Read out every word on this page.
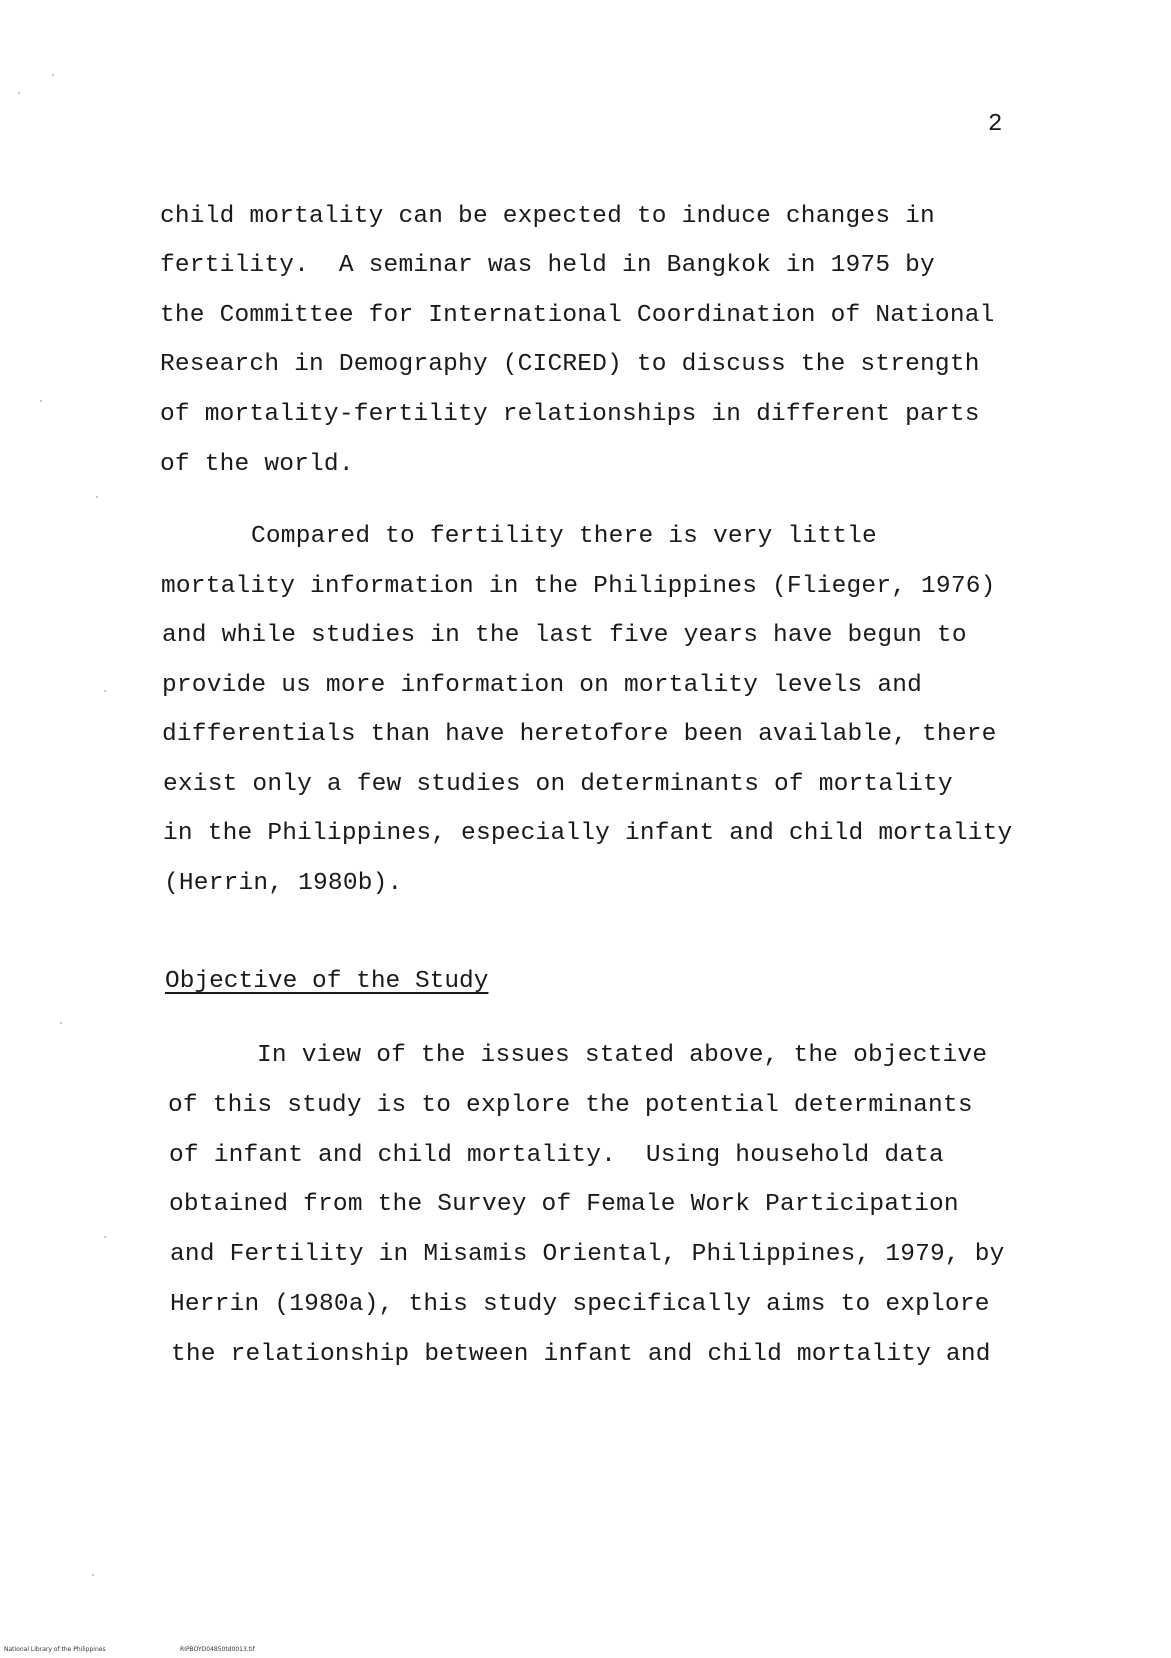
2
child mortality can be expected to induce changes in
fertility.  A seminar was held in Bangkok in 1975 by
the Committee for International Coordination of National
Research in Demography (CICRED) to discuss the strength
of mortality-fertility relationships in different parts
of the world.
Compared to fertility there is very little
mortality information in the Philippines (Flieger, 1976)
and while studies in the last five years have begun to
provide us more information on mortality levels and
differentials than have heretofore been available, there
exist only a few studies on determinants of mortality
in the Philippines, especially infant and child mortality
(Herrin, 1980b).
Objective of the Study
In view of the issues stated above, the objective
of this study is to explore the potential determinants
of infant and child mortality.  Using household data
obtained from the Survey of Female Work Participation
and Fertility in Misamis Oriental, Philippines, 1979, by
Herrin (1980a), this study specifically aims to explore
the relationship between infant and child mortality and
National Library of the Philippines	RIPBOYD04850td0013.tif
